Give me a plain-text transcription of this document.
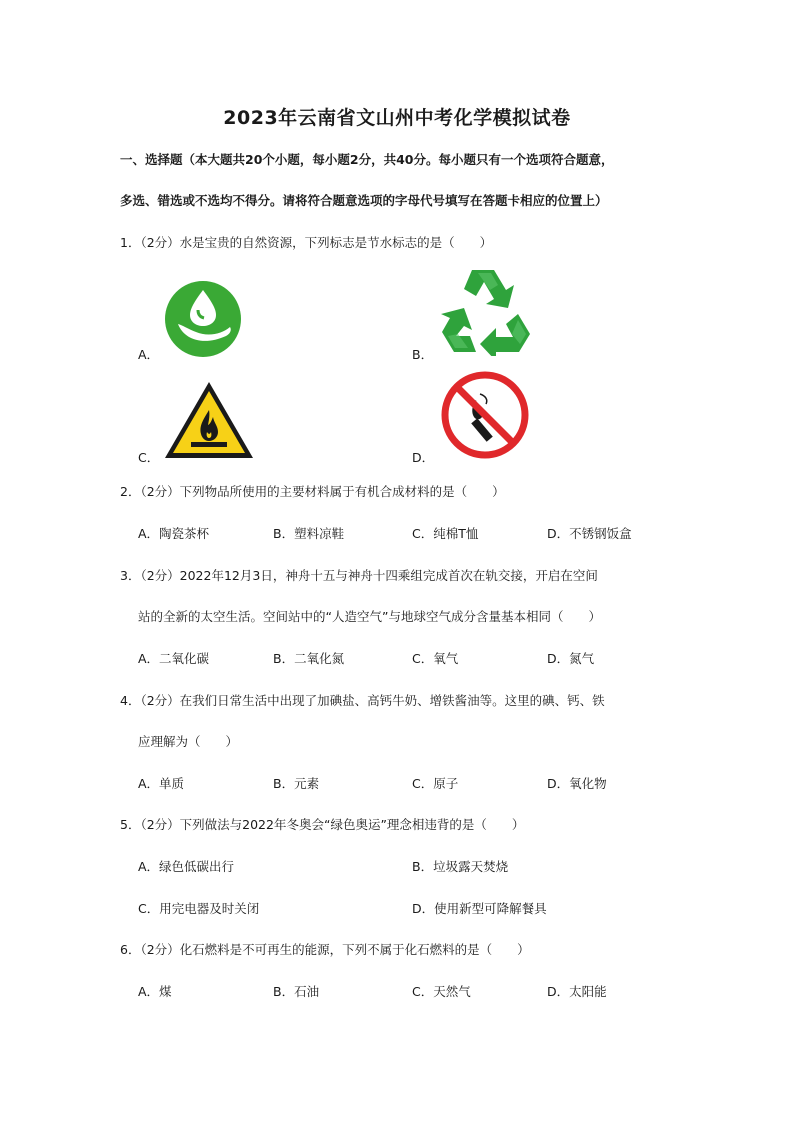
2023年云南省文山州中考化学模拟试卷
一、选择题（本大题共20个小题，每小题2分，共40分。每小题只有一个选项符合题意，
多选、错选或不选均不得分。请将符合题意选项的字母代号填写在答题卡相应的位置上）
1．（2分）水是宝贵的自然资源，下列标志是节水标志的是（　　）
A．	B．
C．	D．
2．（2分）下列物品所使用的主要材料属于有机合成材料的是（　　）
A．陶瓷茶杯	B．塑料凉鞋	C．纯棉T恤	D．不锈钢饭盒
3．（2分）2022年12月3日，神舟十五与神舟十四乘组完成首次在轨交接，开启在空间
站的全新的太空生活。空间站中的“人造空气”与地球空气成分含量基本相同（　　）
A．二氧化碳	B．二氧化氮	C．氧气	D．氮气
4．（2分）在我们日常生活中出现了加碘盐、高钙牛奶、增铁酱油等。这里的碘、钙、铁
应理解为（　　）
A．单质	B．元素	C．原子	D．氧化物
5．（2分）下列做法与2022年冬奥会“绿色奥运”理念相违背的是（　　）
A．绿色低碳出行	B．垃圾露天焚烧
C．用完电器及时关闭	D．使用新型可降解餐具
6．（2分）化石燃料是不可再生的能源，下列不属于化石燃料的是（　　）
A．煤	B．石油	C．天然气	D．太阳能
